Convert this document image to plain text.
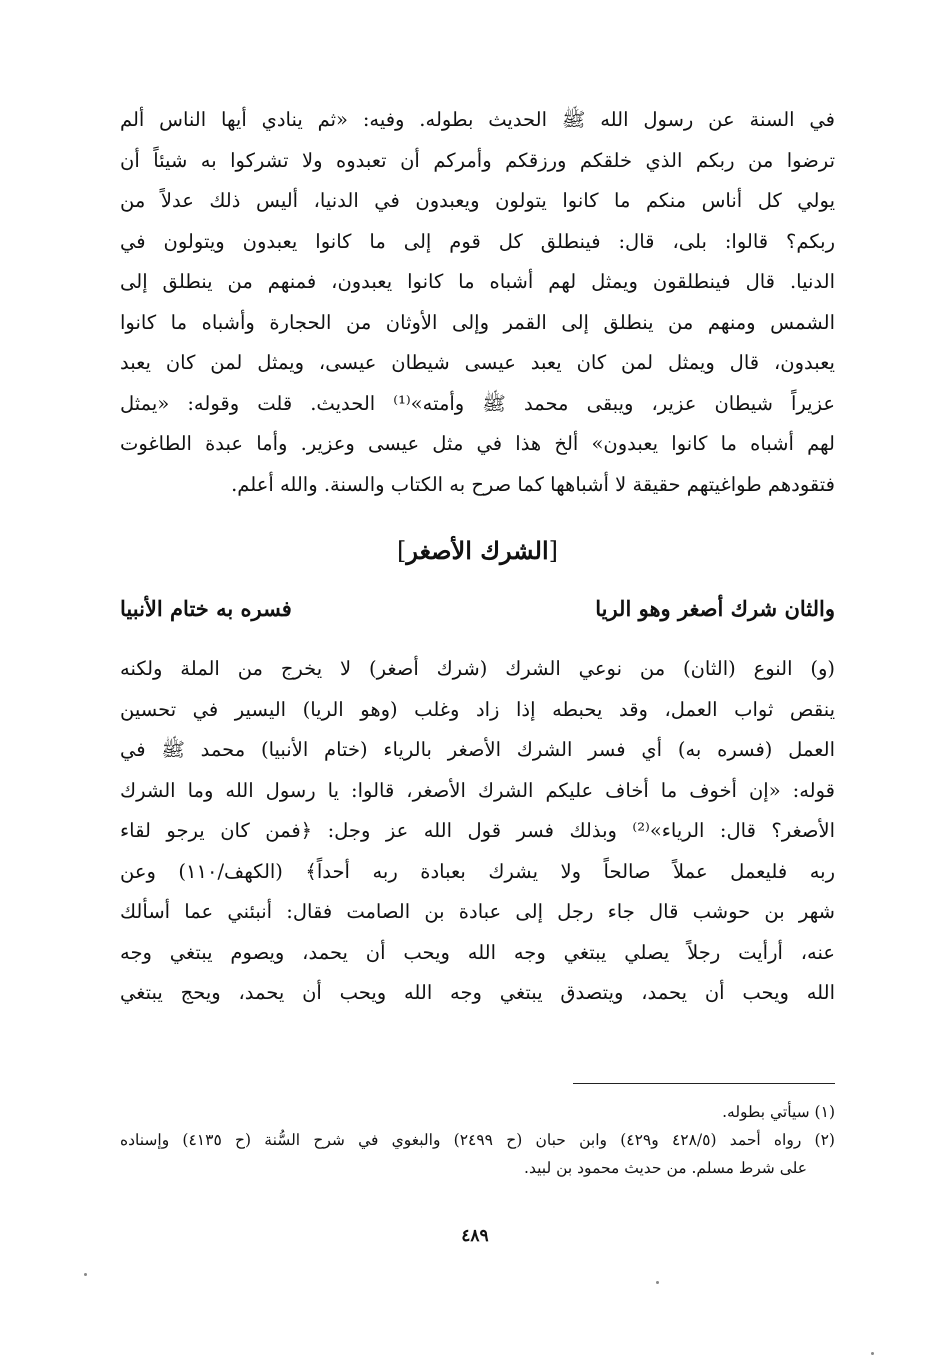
في السنة عن رسول الله ﷺ الحديث بطوله. وفيه: «ثم ينادي أيها الناس ألم
ترضوا من ربكم الذي خلقكم ورزقكم وأمركم أن تعبدوه ولا تشركوا به شيئاً أن
يولي كل أناس منكم ما كانوا يتولون ويعبدون في الدنيا، أليس ذلك عدلاً من
ربكم؟ قالوا: بلى، قال: فينطلق كل قوم إلى ما كانوا يعبدون ويتولون في
الدنيا. قال فينطلقون ويمثل لهم أشباه ما كانوا يعبدون، فمنهم من ينطلق إلى
الشمس ومنهم من ينطلق إلى القمر وإلى الأوثان من الحجارة وأشباه ما كانوا
يعبدون، قال ويمثل لمن كان يعبد عيسى شيطان عيسى، ويمثل لمن كان يعبد
عزيراً شيطان عزير، ويبقى محمد ﷺ وأمته»⁽¹⁾ الحديث. قلت وقوله: «يمثل
لهم أشباه ما كانوا يعبدون» ألخ هذا في مثل عيسى وعزير. وأما عبدة الطاغوت
فتقودهم طواغيتهم حقيقة لا أشباهها كما صرح به الكتاب والسنة. والله أعلم.
[الشرك الأصغر]
والثان شرك أصغر وهو الريا
فسره به ختام الأنبيا
(و) النوع (الثان) من نوعي الشرك (شرك أصغر) لا يخرج من الملة ولكنه
ينقص ثواب العمل، وقد يحبطه إذا زاد وغلب (وهو الريا) اليسير في تحسين
العمل (فسره به) أي فسر الشرك الأصغر بالرياء (ختام الأنبيا) محمد ﷺ في
قوله: «إن أخوف ما أخاف عليكم الشرك الأصغر، قالوا: يا رسول الله وما الشرك
الأصغر؟ قال: الرياء»⁽²⁾ وبذلك فسر قول الله عز وجل: ﴿فمن كان يرجو لقاء
ربه فليعمل عملاً صالحاً ولا يشرك بعبادة ربه أحداً﴾ (الكهف/١١٠) وعن
شهر بن حوشب قال جاء رجل إلى عبادة بن الصامت فقال: أنبئني عما أسألك
عنه، أرأيت رجلاً يصلي يبتغي وجه الله ويحب أن يحمد، ويصوم يبتغي وجه
الله ويحب أن يحمد، ويتصدق يبتغي وجه الله ويحب أن يحمد، ويحج يبتغي
(١) سيأتي بطوله.
(٢) رواه أحمد (٤٢٨/٥ و٤٢٩) وابن حبان (ح ٢٤٩٩) والبغوي في شرح السُّنة (ح ٤١٣٥) وإسناده
على شرط مسلم. من حديث محمود بن لبيد.
٤٨٩
